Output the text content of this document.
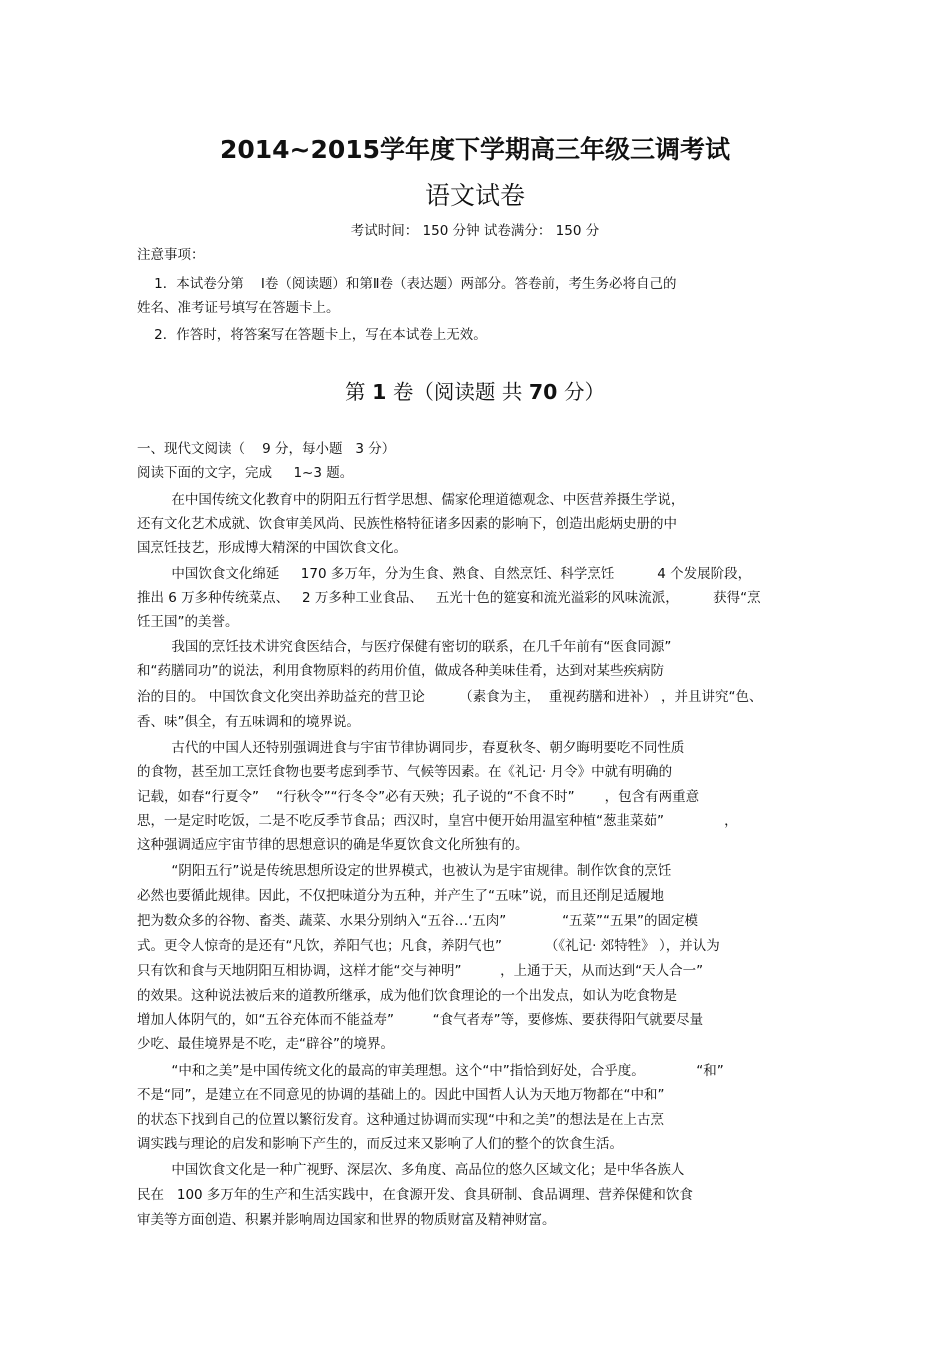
2014~2015学年度下学期高三年级三调考试
语文试卷
考试时间： 150 分钟 试卷满分： 150 分
注意事项：
1．本试卷分第    Ⅰ卷（阅读题）和第Ⅱ卷（表达题）两部分。答卷前，考生务必将自己的
姓名、准考证号填写在答题卡上。
2．作答时，将答案写在答题卡上，写在本试卷上无效。
第 1 卷（阅读题 共 70 分）
一、现代文阅读（    9 分，每小题   3 分）
阅读下面的文字，完成     1~3 题。
在中国传统文化教育中的阴阳五行哲学思想、儒家伦理道德观念、中医营养摄生学说，
还有文化艺术成就、饮食审美风尚、民族性格特征诸多因素的影响下，创造出彪炳史册的中
国烹饪技艺，形成博大精深的中国饮食文化。
中国饮食文化绵延     170 多万年，分为生食、熟食、自然烹饪、科学烹饪          4 个发展阶段，
推出 6 万多种传统菜点、   2 万多种工业食品、   五光十色的筵宴和流光溢彩的风味流派，        获得“烹
饪王国”的美誉。
我国的烹饪技术讲究食医结合，与医疗保健有密切的联系，在几千年前有“医食同源”
和“药膳同功”的说法，利用食物原料的药用价值，做成各种美味佳肴，达到对某些疾病防
治的目的。 中国饮食文化突出养助益充的营卫论        （素食为主，  重视药膳和进补） ，并且讲究“色、
香、味”俱全，有五味调和的境界说。
古代的中国人还特别强调进食与宇宙节律协调同步，春夏秋冬、朝夕晦明要吃不同性质
的食物，甚至加工烹饪食物也要考虑到季节、气候等因素。在《礼记· 月令》中就有明确的
记载，如春“行夏令”    “行秋令”“行冬令”必有天殃；孔子说的“不食不时”       ，包含有两重意
思，一是定时吃饭，二是不吃反季节食品；西汉时，皇宫中便开始用温室种植“葱韭菜茹”              ，
这种强调适应宇宙节律的思想意识的确是华夏饮食文化所独有的。
“阴阳五行”说是传统思想所设定的世界模式，也被认为是宇宙规律。制作饮食的烹饪
必然也要循此规律。因此，不仅把味道分为五种，并产生了“五味”说，而且还削足适履地
把为数众多的谷物、畜类、蔬菜、水果分别纳入“五谷…‘五肉”             “五菜”“五果”的固定模
式。更令人惊奇的是还有“凡饮，养阳气也；凡食，养阴气也”          （《礼记· 郊特牲》 ），并认为
只有饮和食与天地阴阳互相协调，这样才能“交与神明”         ，上通于天，从而达到“天人合一”
的效果。这种说法被后来的道教所继承，成为他们饮食理论的一个出发点，如认为吃食物是
增加人体阴气的，如“五谷充体而不能益寿”         “食气者寿”等，要修炼、要获得阳气就要尽量
少吃、最佳境界是不吃，走“辟谷”的境界。
“中和之美”是中国传统文化的最高的审美理想。这个“中”指恰到好处，合乎度。            “和”
不是“同”，是建立在不同意见的协调的基础上的。因此中国哲人认为天地万物都在“中和”
的状态下找到自己的位置以繁衍发育。这种通过协调而实现“中和之美”的想法是在上古烹
调实践与理论的启发和影响下产生的，而反过来又影响了人们的整个的饮食生活。
中国饮食文化是一种广视野、深层次、多角度、高品位的悠久区域文化；是中华各族人
民在   100 多万年的生产和生活实践中，在食源开发、食具研制、食品调理、营养保健和饮食
审美等方面创造、积累并影响周边国家和世界的物质财富及精神财富。
